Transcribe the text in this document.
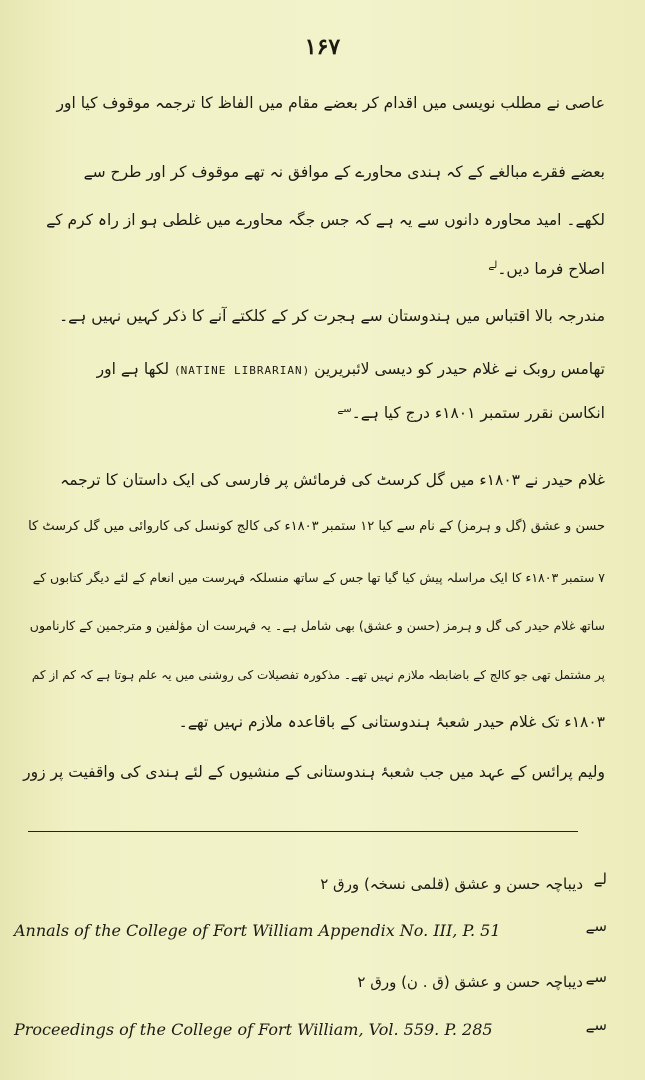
۱۶۷
عاصی نے مطلب نویسی میں اقدام کر بعضے مقام میں الفاظ کا ترجمہ موقوف کیا اور
بعضے فقرے مبالغے کے کہ ہندی محاورے کے موافق نہ تھے موقوف کر اور طرح سے
لکھے۔ امید محاورہ دانوں سے یہ ہے کہ جس جگہ محاورے میں غلطی ہو از راہ کرم کے
اصلاح فرما دیں۔$^{لے}$
مندرجہ بالا اقتباس میں ہندوستان سے ہجرت کر کے کلکتے آنے کا ذکر کہیں نہیں ہے۔
تھامس روبک نے غلام حیدر کو دیسی لائبریرین (NATINE LIBRARIAN) لکھا ہے اور
انکاسن نقرر ستمبر ۱۸۰۱ء درج کیا ہے۔$^{سے}$
غلام حیدر نے ۱۸۰۳ء میں گل کرسٹ کی فرمائش پر فارسی کی ایک داستان کا ترجمہ
حسن و عشق (گل و ہرمز) کے نام سے کیا ۱۲ ستمبر ۱۸۰۳ء کی کالج کونسل کی کاروائی میں گل کرسٹ کا
۷ ستمبر ۱۸۰۳ء کا ایک مراسلہ پیش کیا گیا تھا جس کے ساتھ منسلکہ فہرست میں انعام کے لئے دیگر کتابوں کے
ساتھ غلام حیدر کی گل و ہرمز (حسن و عشق) بھی شامل ہے۔ یہ فہرست ان مؤلفین و مترجمین کے کارناموں
پر مشتمل تھی جو کالج کے باضابطہ ملازم نہیں تھے۔ مذکورہ تفصیلات کی روشنی میں یہ علم ہوتا ہے کہ کم از کم
۱۸۰۳ء تک غلام حیدر شعبۂ ہندوستانی کے باقاعدہ ملازم نہیں تھے۔
ولیم پرائس کے عہد میں جب شعبۂ ہندوستانی کے منشیوں کے لئے ہندی کی واقفیت پر زور
لے
دیباچہ حسن و عشق (قلمی نسخہ) ورق ۲
سے
Annals of the College of Fort William Appendix No. III, P. 51
سے
دیباچہ حسن و عشق (ق . ن) ورق ۲
سے
Proceedings of the College of Fort William, Vol. 559. P. 285
